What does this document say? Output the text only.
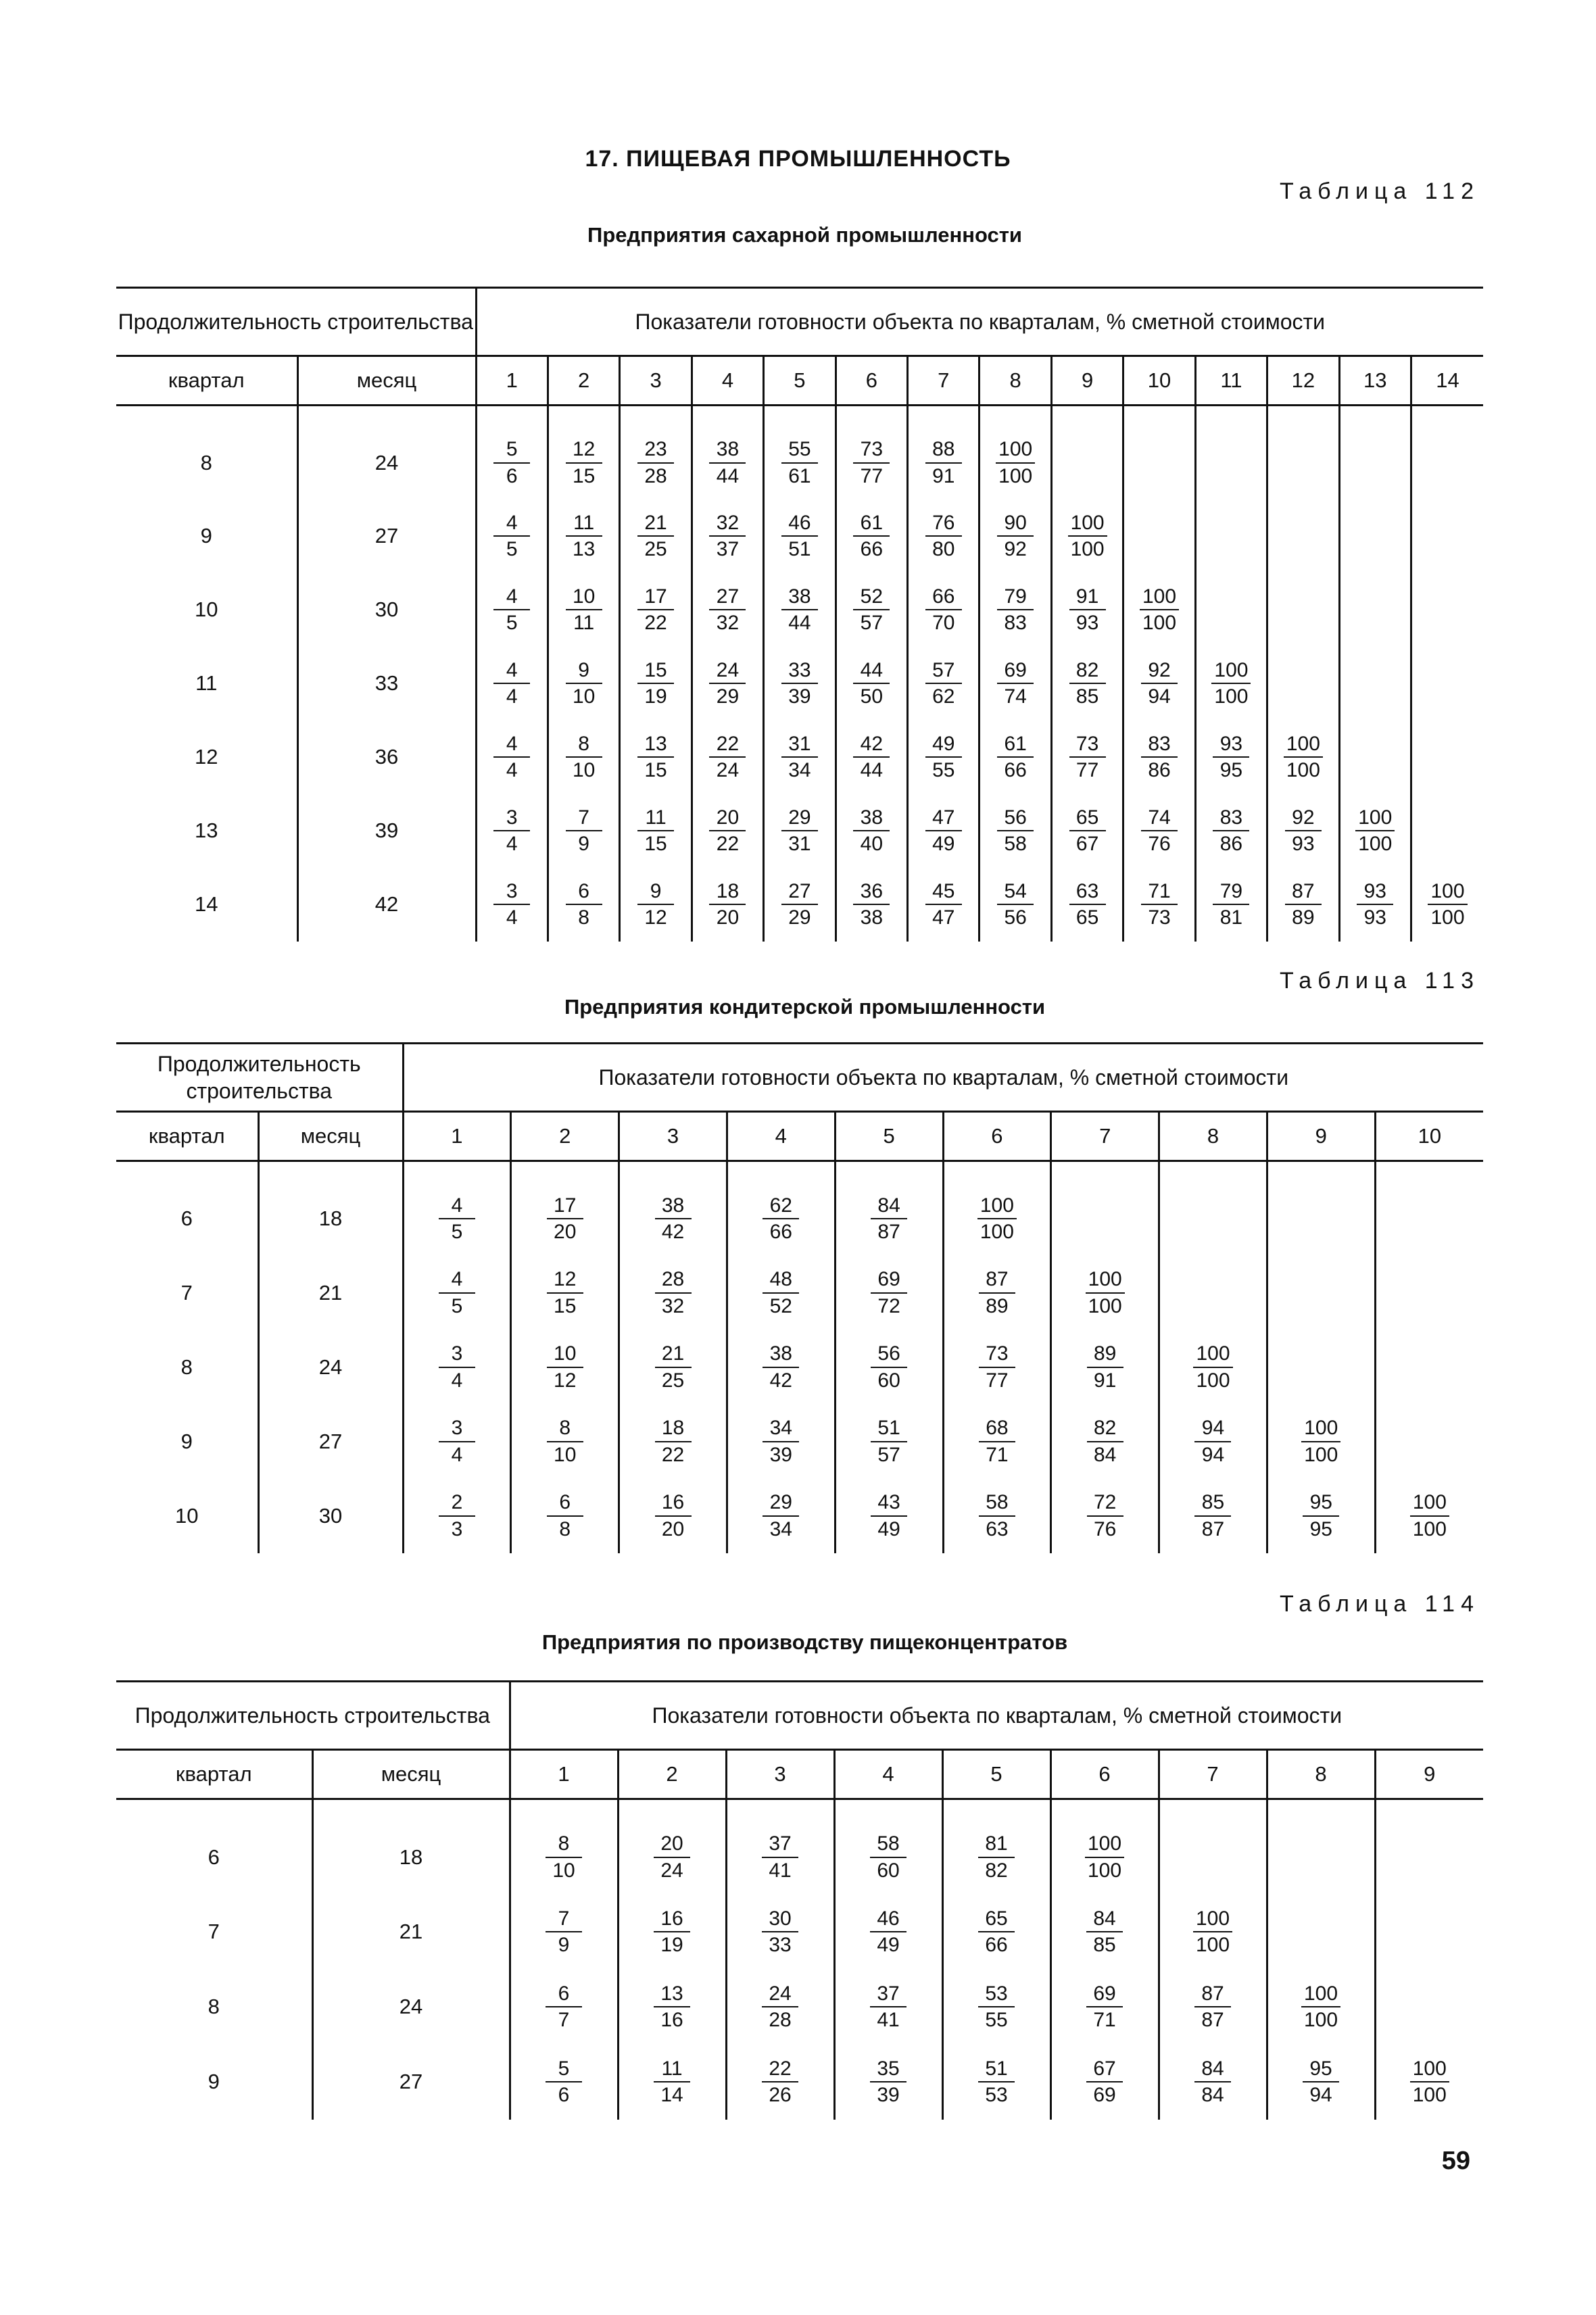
17. ПИЩЕВАЯ ПРОМЫШЛЕННОСТЬ
Таблица 112
Предприятия сахарной промышленности
Продолжительность строительства		Показатели готовности объекта по кварталам, % сметной стоимости													
квартал	месяц	1	2	3	4	5	6	7	8	9	10	11	12	13	14
8	24	$\frac{5}{6}$	$\frac{12}{15}$	$\frac{23}{28}$	$\frac{38}{44}$	$\frac{55}{61}$	$\frac{73}{77}$	$\frac{88}{91}$	$\frac{100}{100}$

9	27	$\frac{4}{5}$	$\frac{11}{13}$	$\frac{21}{25}$	$\frac{32}{37}$	$\frac{46}{51}$	$\frac{61}{66}$	$\frac{76}{80}$	$\frac{90}{92}$	$\frac{100}{100}$

10	30	$\frac{4}{5}$	$\frac{10}{11}$	$\frac{17}{22}$	$\frac{27}{32}$	$\frac{38}{44}$	$\frac{52}{57}$	$\frac{66}{70}$	$\frac{79}{83}$	$\frac{91}{93}$	$\frac{100}{100}$

11	33	$\frac{4}{4}$	$\frac{9}{10}$	$\frac{15}{19}$	$\frac{24}{29}$	$\frac{33}{39}$	$\frac{44}{50}$	$\frac{57}{62}$	$\frac{69}{74}$	$\frac{82}{85}$	$\frac{92}{94}$	$\frac{100}{100}$

12	36	$\frac{4}{4}$	$\frac{8}{10}$	$\frac{13}{15}$	$\frac{22}{24}$	$\frac{31}{34}$	$\frac{42}{44}$	$\frac{49}{55}$	$\frac{61}{66}$	$\frac{73}{77}$	$\frac{83}{86}$	$\frac{93}{95}$	$\frac{100}{100}$

13	39	$\frac{3}{4}$	$\frac{7}{9}$	$\frac{11}{15}$	$\frac{20}{22}$	$\frac{29}{31}$	$\frac{38}{40}$	$\frac{47}{49}$	$\frac{56}{58}$	$\frac{65}{67}$	$\frac{74}{76}$	$\frac{83}{86}$	$\frac{92}{93}$	$\frac{100}{100}$

14	42	$\frac{3}{4}$	$\frac{6}{8}$	$\frac{9}{12}$	$\frac{18}{20}$	$\frac{27}{29}$	$\frac{36}{38}$	$\frac{45}{47}$	$\frac{54}{56}$	$\frac{63}{65}$	$\frac{71}{73}$	$\frac{79}{81}$	$\frac{87}{89}$	$\frac{93}{93}$	$\frac{100}{100}$
Таблица 113
Предприятия кондитерской промышленности
Продолжительность строительства		Показатели готовности объекта по кварталам, % сметной стоимости									
квартал	месяц	1	2	3	4	5	6	7	8	9	10
6	18	$\frac{4}{5}$	$\frac{17}{20}$	$\frac{38}{42}$	$\frac{62}{66}$	$\frac{84}{87}$	$\frac{100}{100}$

7	21	$\frac{4}{5}$	$\frac{12}{15}$	$\frac{28}{32}$	$\frac{48}{52}$	$\frac{69}{72}$	$\frac{87}{89}$	$\frac{100}{100}$

8	24	$\frac{3}{4}$	$\frac{10}{12}$	$\frac{21}{25}$	$\frac{38}{42}$	$\frac{56}{60}$	$\frac{73}{77}$	$\frac{89}{91}$	$\frac{100}{100}$

9	27	$\frac{3}{4}$	$\frac{8}{10}$	$\frac{18}{22}$	$\frac{34}{39}$	$\frac{51}{57}$	$\frac{68}{71}$	$\frac{82}{84}$	$\frac{94}{94}$	$\frac{100}{100}$

10	30	$\frac{2}{3}$	$\frac{6}{8}$	$\frac{16}{20}$	$\frac{29}{34}$	$\frac{43}{49}$	$\frac{58}{63}$	$\frac{72}{76}$	$\frac{85}{87}$	$\frac{95}{95}$	$\frac{100}{100}$
Таблица 114
Предприятия по производству пищеконцентратов
Продолжительность строительства		Показатели готовности объекта по кварталам, % сметной стоимости								
квартал	месяц	1	2	3	4	5	6	7	8	9
6	18	$\frac{8}{10}$	$\frac{20}{24}$	$\frac{37}{41}$	$\frac{58}{60}$	$\frac{81}{82}$	$\frac{100}{100}$

7	21	$\frac{7}{9}$	$\frac{16}{19}$	$\frac{30}{33}$	$\frac{46}{49}$	$\frac{65}{66}$	$\frac{84}{85}$	$\frac{100}{100}$

8	24	$\frac{6}{7}$	$\frac{13}{16}$	$\frac{24}{28}$	$\frac{37}{41}$	$\frac{53}{55}$	$\frac{69}{71}$	$\frac{87}{87}$	$\frac{100}{100}$

9	27	$\frac{5}{6}$	$\frac{11}{14}$	$\frac{22}{26}$	$\frac{35}{39}$	$\frac{51}{53}$	$\frac{67}{69}$	$\frac{84}{84}$	$\frac{95}{94}$	$\frac{100}{100}$
59
